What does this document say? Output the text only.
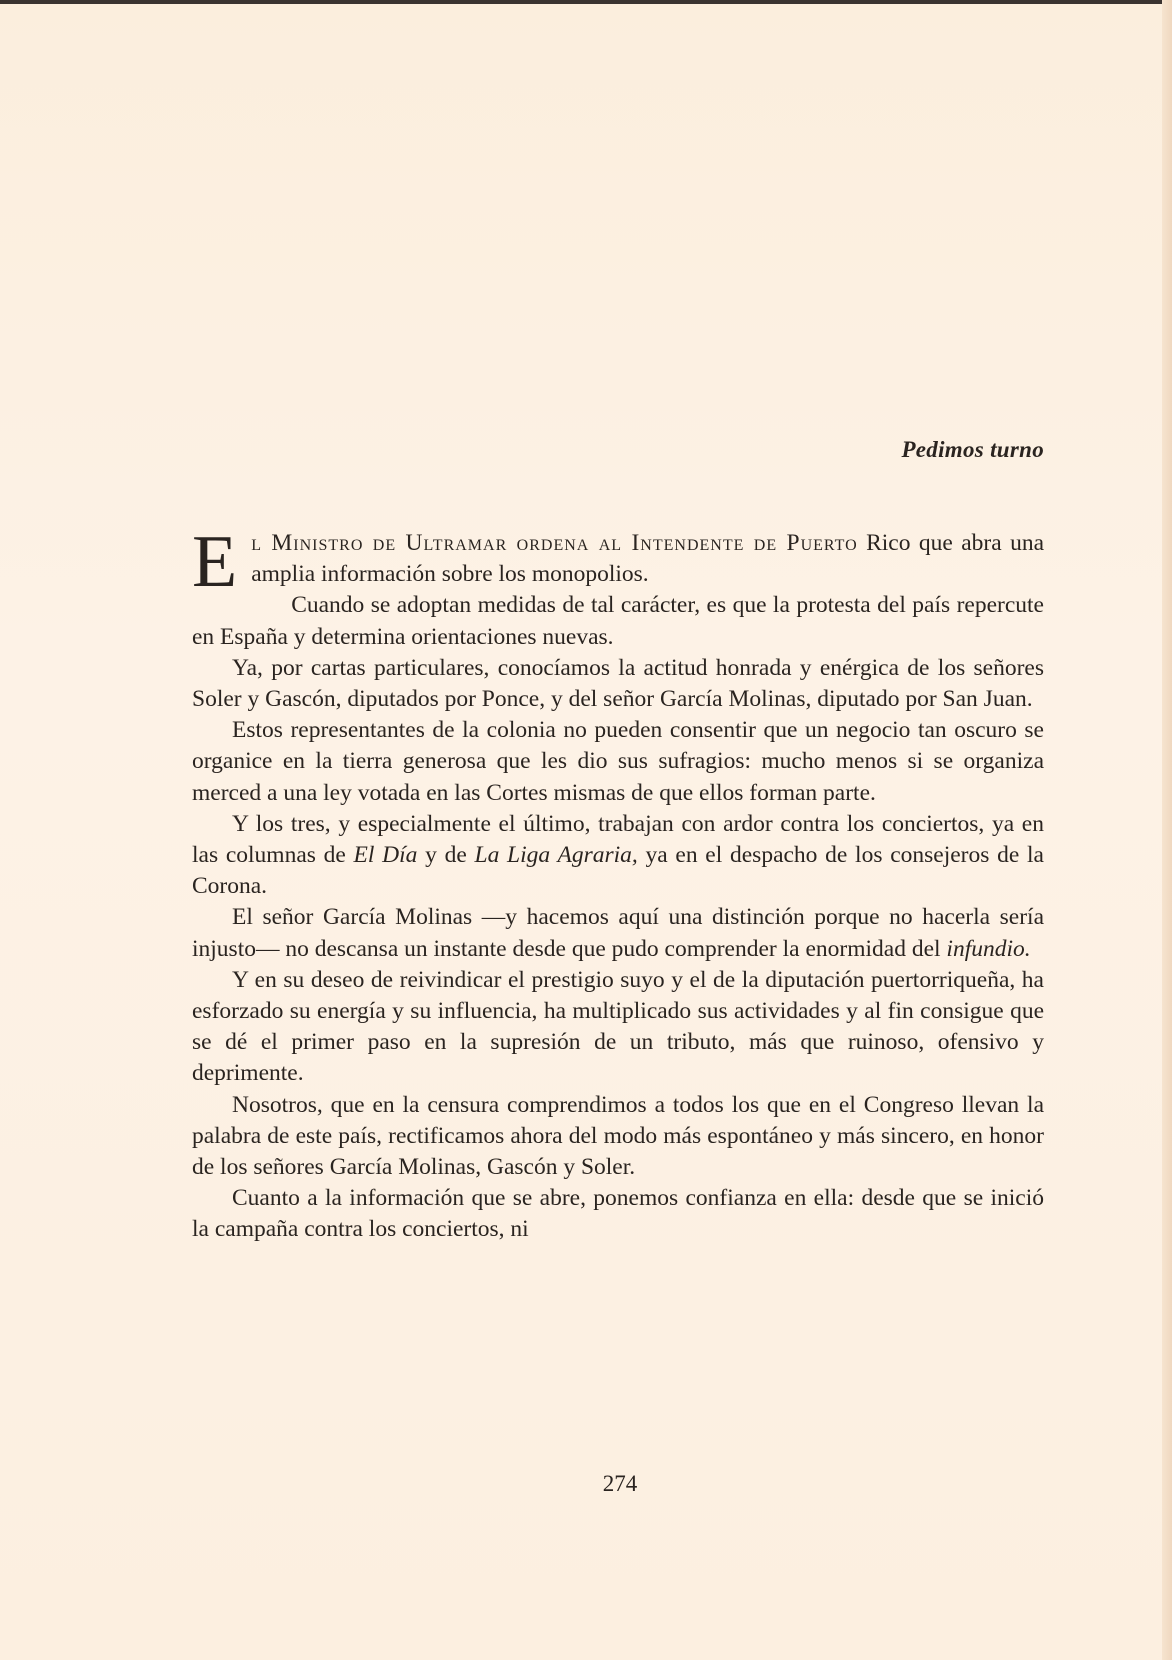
Pedimos turno

El Ministro de Ultramar ordena al Intendente de Puerto Rico que abra una amplia información sobre los monopolios.

Cuando se adoptan medidas de tal carácter, es que la protesta del país repercute en España y determina orientaciones nuevas.

Ya, por cartas particulares, conocíamos la actitud honrada y enérgica de los señores Soler y Gascón, diputados por Ponce, y del señor García Molinas, diputado por San Juan.

Estos representantes de la colonia no pueden consentir que un negocio tan oscuro se organice en la tierra generosa que les dio sus sufragios: mucho menos si se organiza merced a una ley votada en las Cortes mismas de que ellos forman parte.

Y los tres, y especialmente el último, trabajan con ardor contra los conciertos, ya en las columnas de El Día y de La Liga Agraria, ya en el despacho de los consejeros de la Corona.

El señor García Molinas —y hacemos aquí una distinción porque no hacerla sería injusto— no descansa un instante desde que pudo comprender la enormidad del infundio.

Y en su deseo de reivindicar el prestigio suyo y el de la diputación puertorriqueña, ha esforzado su energía y su influencia, ha multiplicado sus actividades y al fin consigue que se dé el primer paso en la supresión de un tributo, más que ruinoso, ofensivo y deprimente.

Nosotros, que en la censura comprendimos a todos los que en el Congreso llevan la palabra de este país, rectificamos ahora del modo más espontáneo y más sincero, en honor de los señores García Molinas, Gascón y Soler.

Cuanto a la información que se abre, ponemos confianza en ella: desde que se inició la campaña contra los conciertos, ni

274
